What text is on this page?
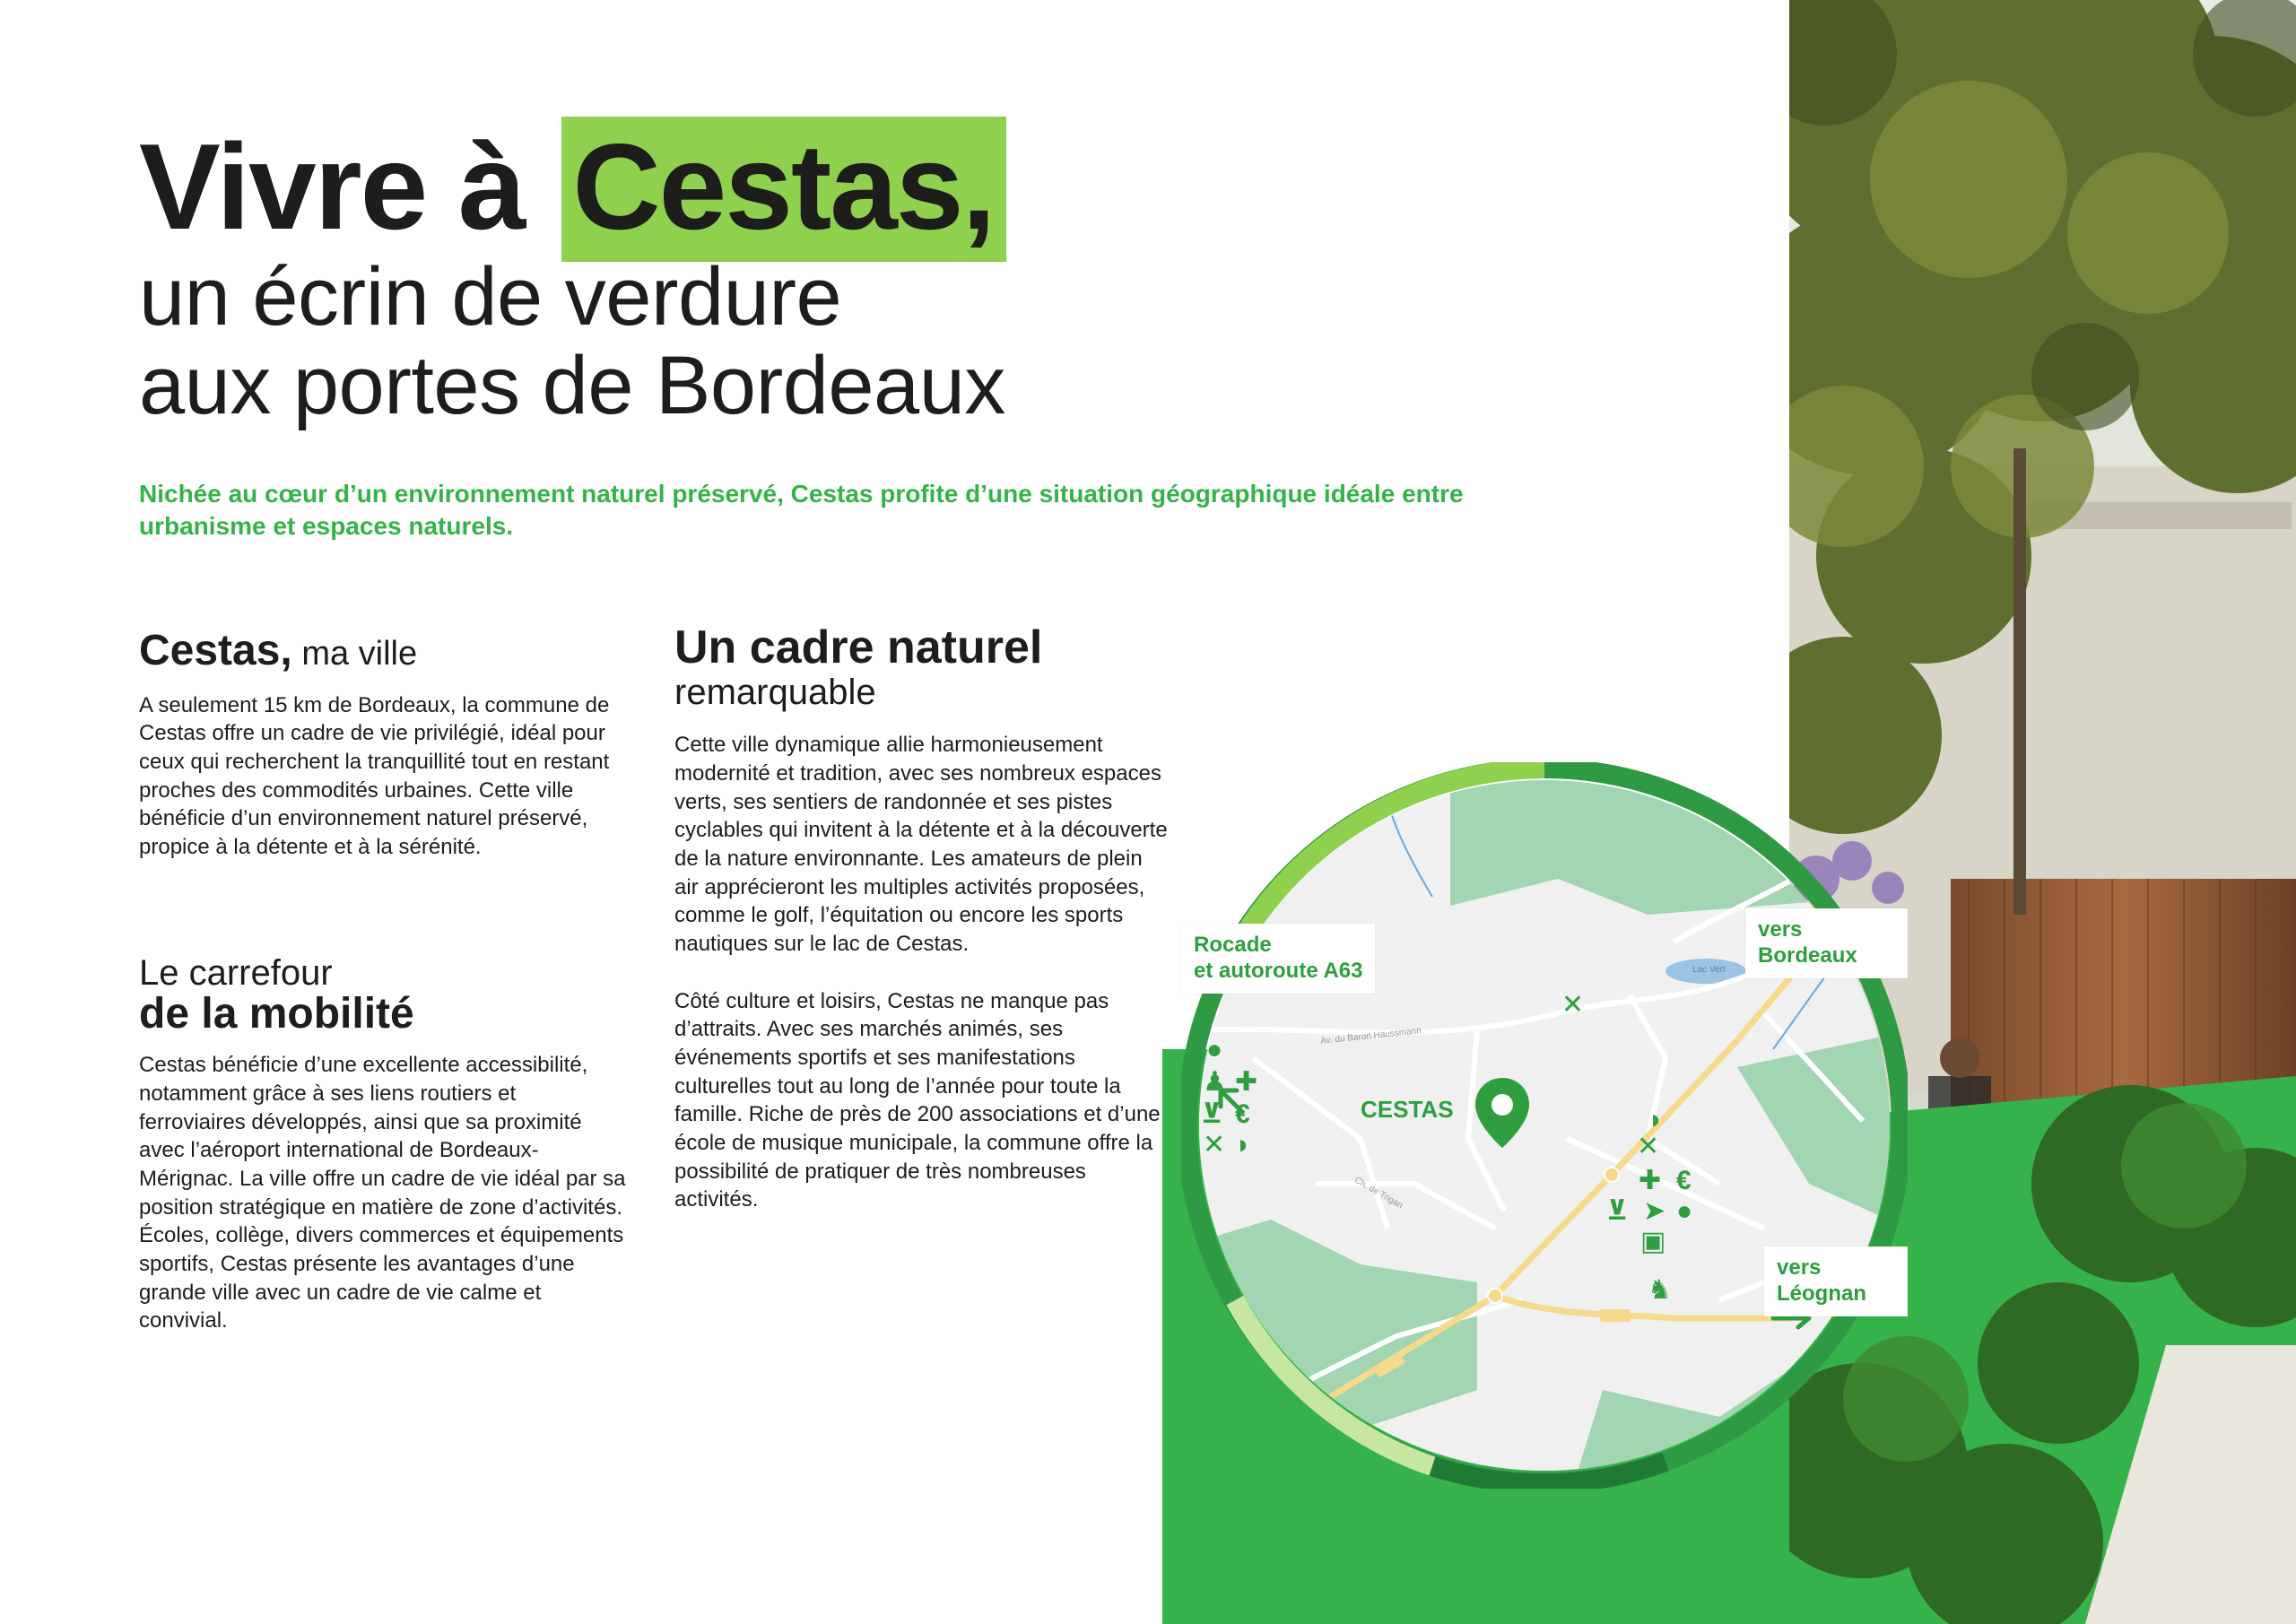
Vivre à Cestas,
un écrin de verdure
aux portes de Bordeaux

Nichée au cœur d’un environnement naturel préservé, Cestas profite d’une situation géographique idéale entre urbanisme et espaces naturels.

Cestas, ma ville

A seulement 15 km de Bordeaux, la commune de Cestas offre un cadre de vie privilégié, idéal pour ceux qui recherchent la tranquillité tout en restant proches des commodités urbaines. Cette ville bénéficie d’un environnement naturel préservé, propice à la détente et à la sérénité.

Le carrefour
de la mobilité

Cestas bénéficie d’une excellente accessibilité, notamment grâce à ses liens routiers et ferroviaires développés, ainsi que sa proximité avec l’aéroport international de Bordeaux-Mérignac. La ville offre un cadre de vie idéal par sa position stratégique en matière de zone d’activités. Écoles, collège, divers commerces et équipements sportifs, Cestas présente les avantages d’une grande ville avec un cadre de vie calme et convivial.

Un cadre naturel
remarquable

Cette ville dynamique allie harmonieusement modernité et tradition, avec ses nombreux espaces verts, ses sentiers de randonnée et ses pistes cyclables qui invitent à la détente et à la découverte de la nature environnante. Les amateurs de plein air apprécieront les multiples activités proposées, comme le golf, l’équitation ou encore les sports nautiques sur le lac de Cestas.

Côté culture et loisirs, Cestas ne manque pas d’attraits. Avec ses marchés animés, ses événements sportifs et ses manifestations culturelles tout au long de l’année pour toute la famille. Riche de près de 200 associations et d’une école de musique municipale, la commune offre la possibilité de pratiquer de très nombreuses activités.

Av. du Baron Haussmann
Ch. de Trigan
Lac Vert
Rocade
et autoroute A63
vers Bordeaux
vers Léognan
CESTAS
●
✚
♟
⊻ €
✕ ◗
✕
◗
✕
✚ €
⊻ ➤ ●
▣
♞
